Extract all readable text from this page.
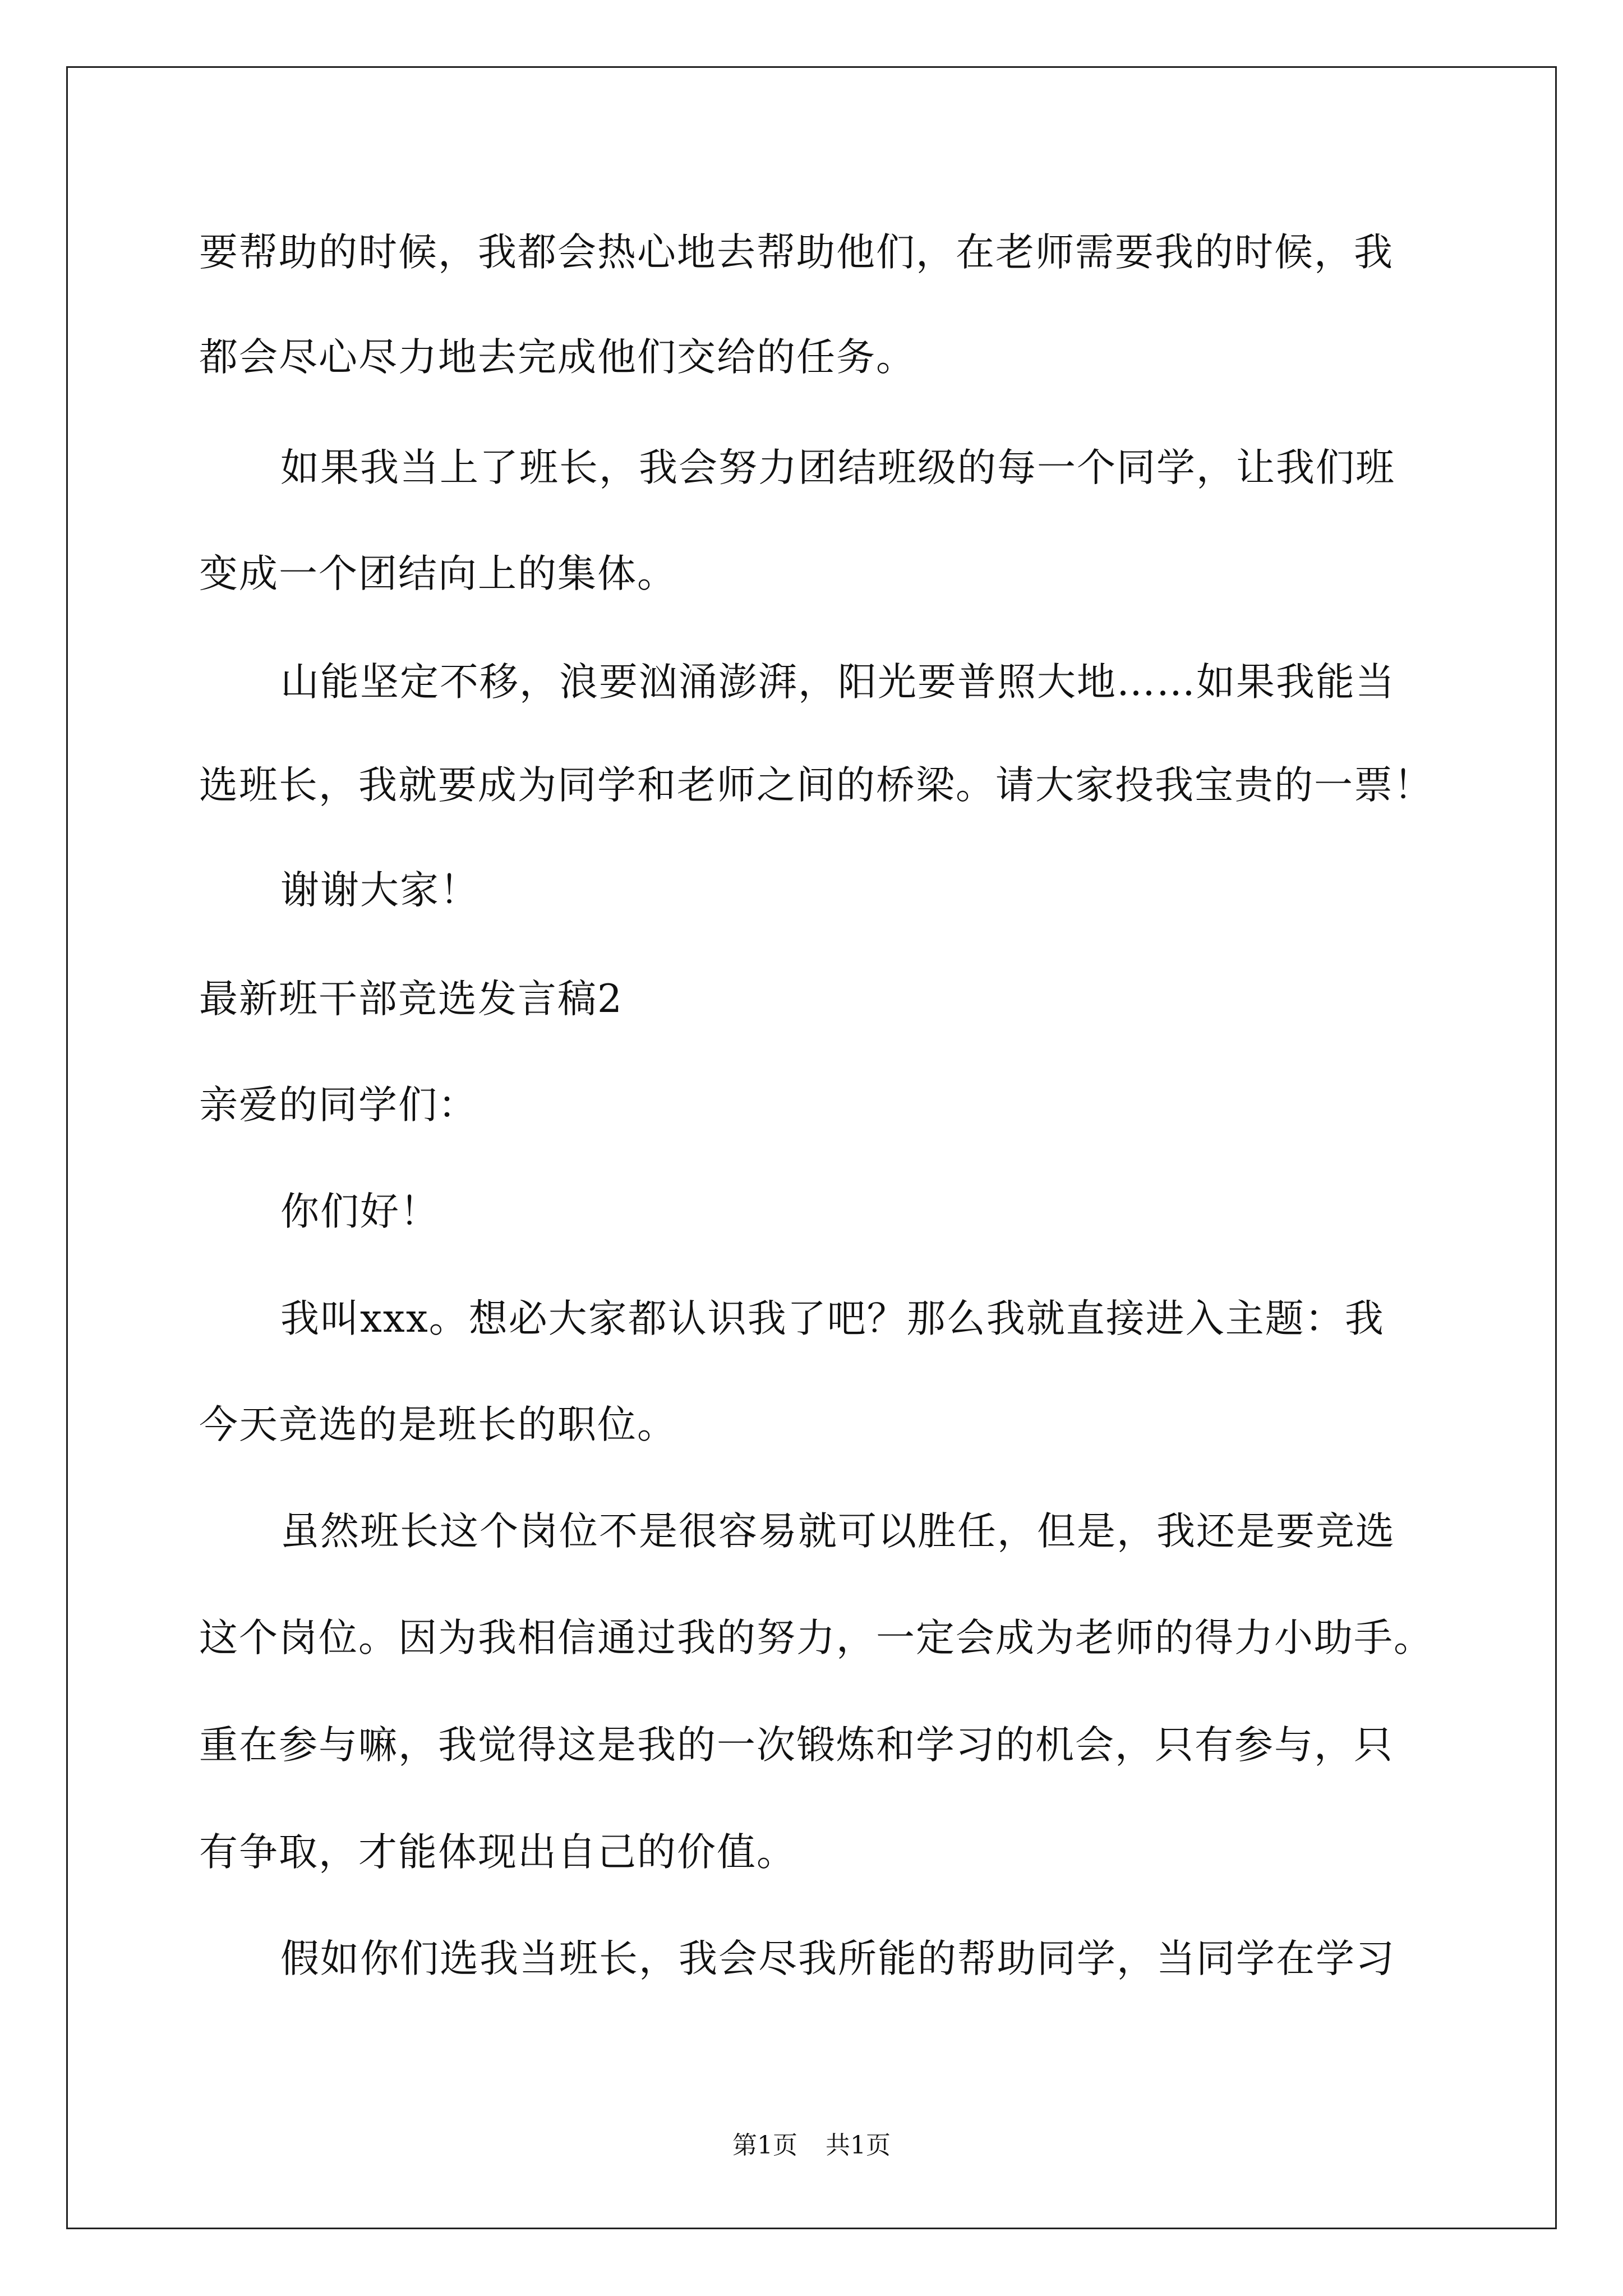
要帮助的时候，我都会热心地去帮助他们，在老师需要我的时候，我
都会尽心尽力地去完成他们交给的任务。
如果我当上了班长，我会努力团结班级的每一个同学，让我们班
变成一个团结向上的集体。
山能坚定不移，浪要汹涌澎湃，阳光要普照大地……如果我能当
选班长，我就要成为同学和老师之间的桥梁。请大家投我宝贵的一票！
谢谢大家！
最新班干部竞选发言稿2
亲爱的同学们：
你们好！
我叫xxx。想必大家都认识我了吧？那么我就直接进入主题：我
今天竞选的是班长的职位。
虽然班长这个岗位不是很容易就可以胜任，但是，我还是要竞选
这个岗位。因为我相信通过我的努力，一定会成为老师的得力小助手。
重在参与嘛，我觉得这是我的一次锻炼和学习的机会，只有参与，只
有争取，才能体现出自己的价值。
假如你们选我当班长，我会尽我所能的帮助同学，当同学在学习
第1页 共1页
